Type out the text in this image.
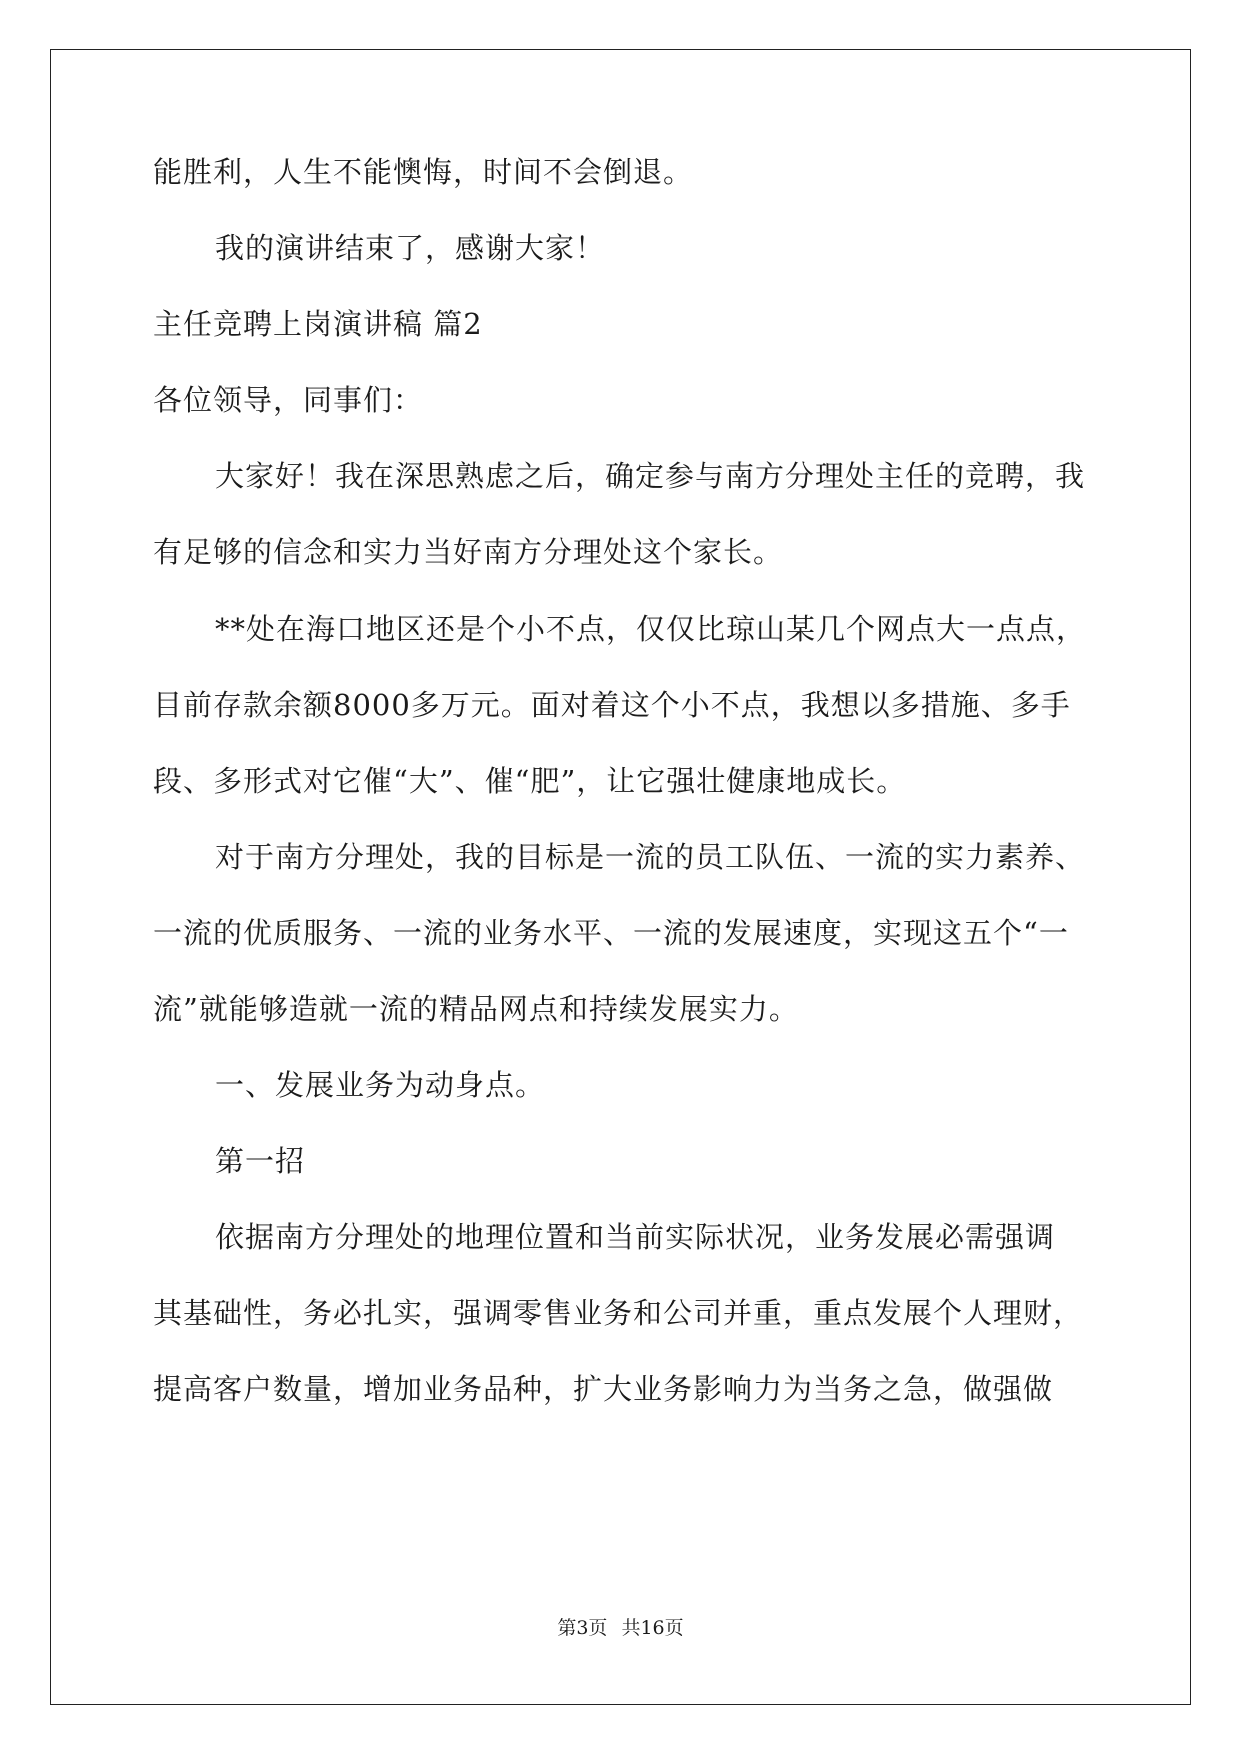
能胜利，人生不能懊悔，时间不会倒退。
我的演讲结束了，感谢大家！
主任竞聘上岗演讲稿 篇2
各位领导，同事们：
大家好！我在深思熟虑之后，确定参与南方分理处主任的竞聘，我
有足够的信念和实力当好南方分理处这个家长。
**处在海口地区还是个小不点，仅仅比琼山某几个网点大一点点，
目前存款余额8000多万元。面对着这个小不点，我想以多措施、多手
段、多形式对它催“大”、催“肥”，让它强壮健康地成长。
对于南方分理处，我的目标是一流的员工队伍、一流的实力素养、
一流的优质服务、一流的业务水平、一流的发展速度，实现这五个“一
流”就能够造就一流的精品网点和持续发展实力。
一、发展业务为动身点。
第一招
依据南方分理处的地理位置和当前实际状况，业务发展必需强调
其基础性，务必扎实，强调零售业务和公司并重，重点发展个人理财，
提高客户数量，增加业务品种，扩大业务影响力为当务之急，做强做
第3页 共16页
